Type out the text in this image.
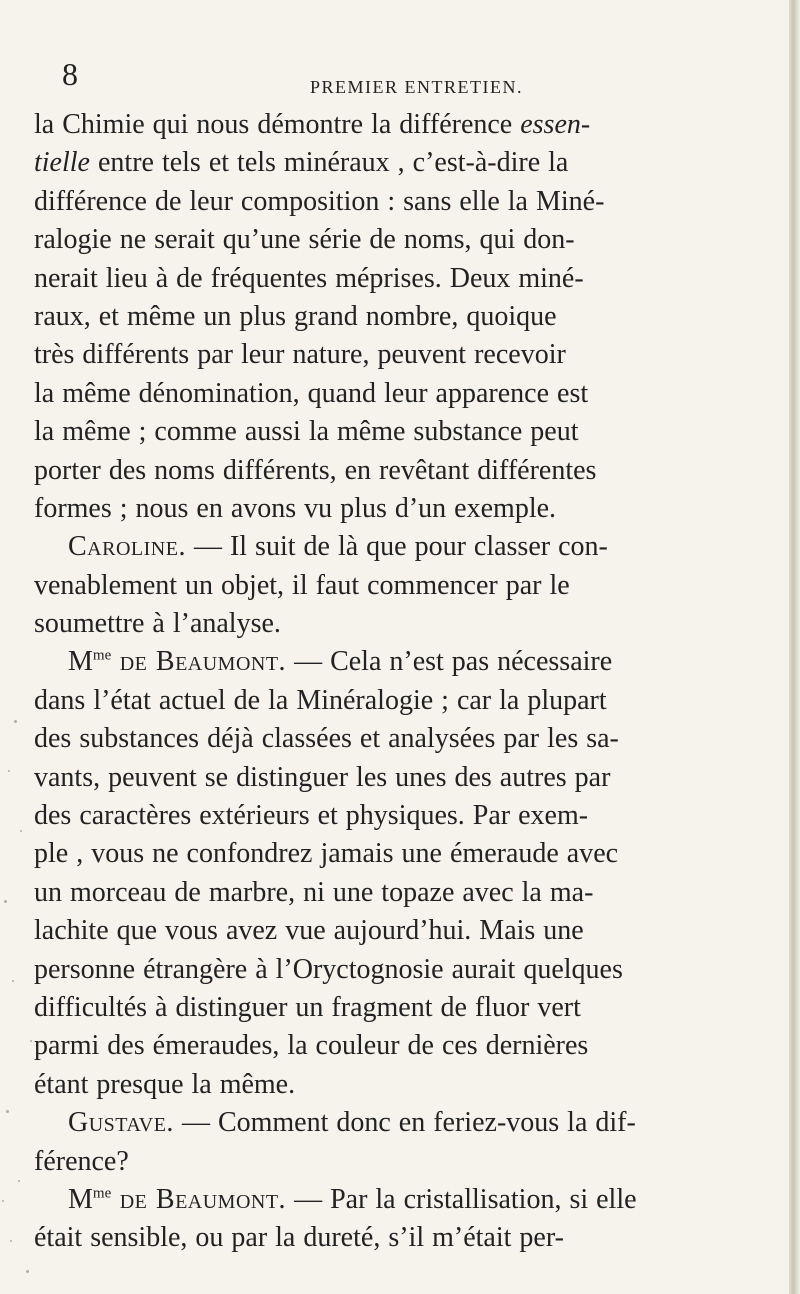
8	PREMIER ENTRETIEN.
la Chimie qui nous démontre la différence essen-
tielle entre tels et tels minéraux , c’est-à-dire la
différence de leur composition : sans elle la Miné-
ralogie ne serait qu’une série de noms, qui don-
nerait lieu à de fréquentes méprises. Deux miné-
raux, et même un plus grand nombre, quoique
très différents par leur nature, peuvent recevoir
la même dénomination, quand leur apparence est
la même ; comme aussi la même substance peut
porter des noms différents, en revêtant différentes
formes ; nous en avons vu plus d’un exemple.
Caroline. — Il suit de là que pour classer con-
venablement un objet, il faut commencer par le
soumettre à l’analyse.
$M^{me}$ de Beaumont. — Cela n’est pas nécessaire
dans l’état actuel de la Minéralogie ; car la plupart
des substances déjà classées et analysées par les sa-
vants, peuvent se distinguer les unes des autres par
des caractères extérieurs et physiques. Par exem-
ple , vous ne confondrez jamais une émeraude avec
un morceau de marbre, ni une topaze avec la ma-
lachite que vous avez vue aujourd’hui. Mais une
personne étrangère à l’Oryctognosie aurait quelques
difficultés à distinguer un fragment de fluor vert
parmi des émeraudes, la couleur de ces dernières
étant presque la même.
Gustave. — Comment donc en feriez-vous la dif-
férence?
$M^{me}$ de Beaumont. — Par la cristallisation, si elle
était sensible, ou par la dureté, s’il m’était per-
